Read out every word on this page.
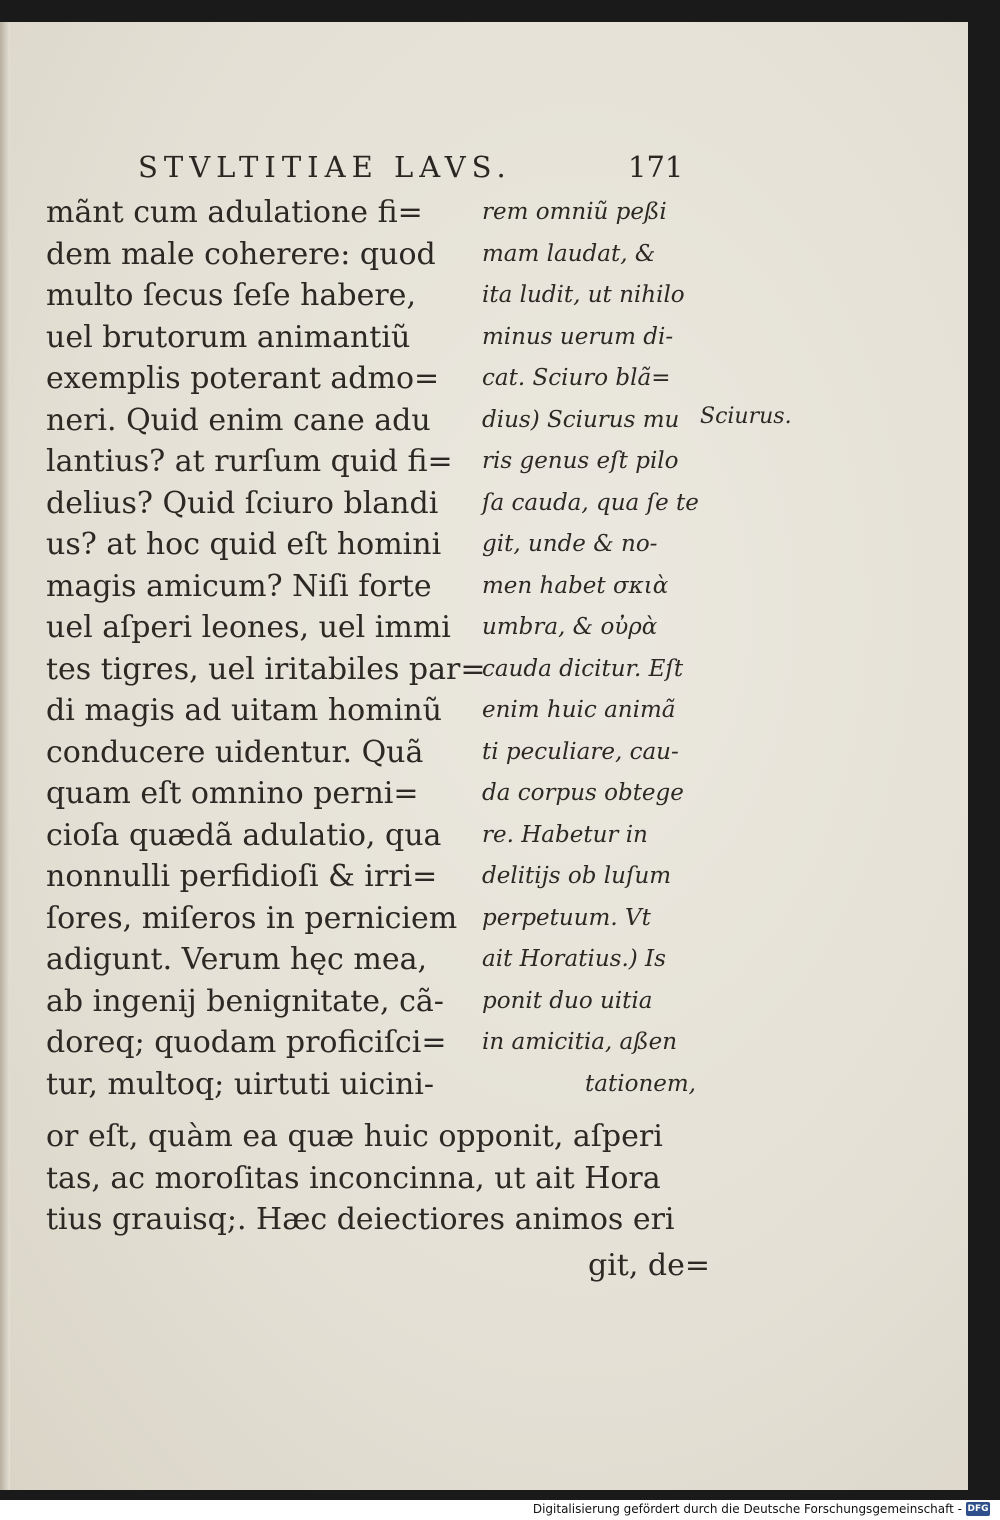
STVLTITIAE LAVS.	171
mãnt cum adulatione fi=
dem male coherere: quod
multo ſecus ſeſe habere,
uel brutorum animantiũ
exemplis poterant admo=
neri. Quid enim cane adu
lantius? at rurſum quid fi=
delius? Quid ſciuro blandi
us? at hoc quid eſt homini
magis amicum? Niſi forte
uel aſperi leones, uel immi
tes tigres, uel iritabiles par=
di magis ad uitam hominũ
conducere uidentur. Quã
quam eſt omnino perni=
cioſa quædã adulatio, qua
nonnulli perfidioſi & irri=
ſores, miſeros in perniciem
adigunt. Verum hęc mea,
ab ingenij benignitate, cã-
doreq; quodam proficiſci=
tur, multoq; uirtuti uicini-
rem omniũ peßi
mam laudat, &
ita ludit, ut nihilo
minus uerum di-
cat. Sciuro blã=
dius) Sciurus mu
ris genus eſt pilo
ſa cauda, qua ſe te
git, unde & no-
men habet σκιὰ
umbra, & οὐρὰ
cauda dicitur. Eſt
enim huic animã
ti peculiare, cau-
da corpus obtege
re. Habetur in
delitijs ob luſum
perpetuum. Vt
ait Horatius.) Is
ponit duo uitia
in amicitia, aßen
tationem,
or eſt, quàm ea quæ huic opponit, aſperi
tas, ac moroſitas inconcinna, ut ait Hora
tius grauisq;. Hæc deiectiores animos eri
git, de=
Sciurus.
Digitalisierung gefördert durch die Deutsche Forschungsgemeinschaft - DFG
